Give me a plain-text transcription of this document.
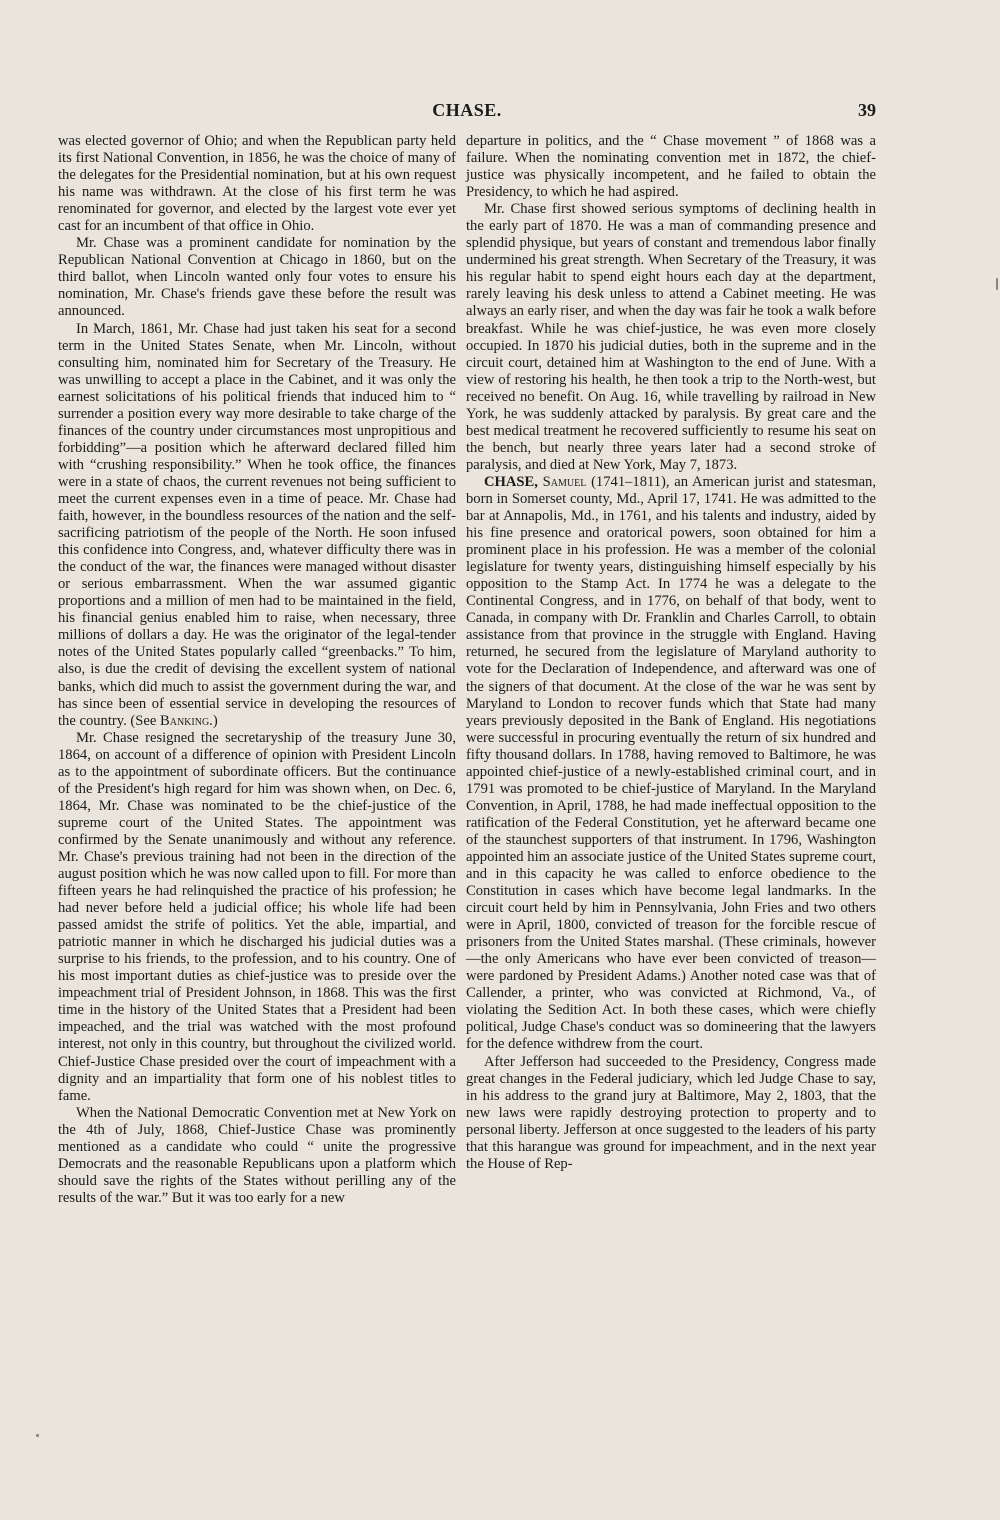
CHASE.	39

was elected governor of Ohio; and when the Republican party held its first National Convention, in 1856, he was the choice of many of the delegates for the Presidential nomination, but at his own request his name was withdrawn. At the close of his first term he was renominated for governor, and elected by the largest vote ever yet cast for an incumbent of that office in Ohio.

Mr. Chase was a prominent candidate for nomination by the Republican National Convention at Chicago in 1860, but on the third ballot, when Lincoln wanted only four votes to ensure his nomination, Mr. Chase's friends gave these before the result was announced.

In March, 1861, Mr. Chase had just taken his seat for a second term in the United States Senate, when Mr. Lincoln, without consulting him, nominated him for Secretary of the Treasury. He was unwilling to accept a place in the Cabinet, and it was only the earnest solicitations of his political friends that induced him to “ surrender a position every way more desirable to take charge of the finances of the country under circumstances most unpropitious and forbidding”—a position which he afterward declared filled him with “crushing responsibility.” When he took office, the finances were in a state of chaos, the current revenues not being sufficient to meet the current expenses even in a time of peace. Mr. Chase had faith, however, in the boundless resources of the nation and the self-sacrificing patriotism of the people of the North. He soon infused this confidence into Congress, and, whatever difficulty there was in the conduct of the war, the finances were managed without disaster or serious embarrassment. When the war assumed gigantic proportions and a million of men had to be maintained in the field, his financial genius enabled him to raise, when necessary, three millions of dollars a day. He was the originator of the legal-tender notes of the United States popularly called “greenbacks.” To him, also, is due the credit of devising the excellent system of national banks, which did much to assist the government during the war, and has since been of essential service in developing the resources of the country. (See Banking.)

Mr. Chase resigned the secretaryship of the treasury June 30, 1864, on account of a difference of opinion with President Lincoln as to the appointment of subordinate officers. But the continuance of the President's high regard for him was shown when, on Dec. 6, 1864, Mr. Chase was nominated to be the chief-justice of the supreme court of the United States. The appointment was confirmed by the Senate unanimously and without any reference. Mr. Chase's previous training had not been in the direction of the august position which he was now called upon to fill. For more than fifteen years he had relinquished the practice of his profession; he had never before held a judicial office; his whole life had been passed amidst the strife of politics. Yet the able, impartial, and patriotic manner in which he discharged his judicial duties was a surprise to his friends, to the profession, and to his country. One of his most important duties as chief-justice was to preside over the impeachment trial of President Johnson, in 1868. This was the first time in the history of the United States that a President had been impeached, and the trial was watched with the most profound interest, not only in this country, but throughout the civilized world. Chief-Justice Chase presided over the court of impeachment with a dignity and an impartiality that form one of his noblest titles to fame.

When the National Democratic Convention met at New York on the 4th of July, 1868, Chief-Justice Chase was prominently mentioned as a candidate who could “ unite the progressive Democrats and the reasonable Republicans upon a platform which should save the rights of the States without perilling any of the results of the war.” But it was too early for a new

departure in politics, and the “ Chase movement ” of 1868 was a failure. When the nominating convention met in 1872, the chief-justice was physically incompetent, and he failed to obtain the Presidency, to which he had aspired.

Mr. Chase first showed serious symptoms of declining health in the early part of 1870. He was a man of commanding presence and splendid physique, but years of constant and tremendous labor finally undermined his great strength. When Secretary of the Treasury, it was his regular habit to spend eight hours each day at the department, rarely leaving his desk unless to attend a Cabinet meeting. He was always an early riser, and when the day was fair he took a walk before breakfast. While he was chief-justice, he was even more closely occupied. In 1870 his judicial duties, both in the supreme and in the circuit court, detained him at Washington to the end of June. With a view of restoring his health, he then took a trip to the North-west, but received no benefit. On Aug. 16, while travelling by railroad in New York, he was suddenly attacked by paralysis. By great care and the best medical treatment he recovered sufficiently to resume his seat on the bench, but nearly three years later had a second stroke of paralysis, and died at New York, May 7, 1873.

CHASE, Samuel (1741–1811), an American jurist and statesman, born in Somerset county, Md., April 17, 1741. He was admitted to the bar at Annapolis, Md., in 1761, and his talents and industry, aided by his fine presence and oratorical powers, soon obtained for him a prominent place in his profession. He was a member of the colonial legislature for twenty years, distinguishing himself especially by his opposition to the Stamp Act. In 1774 he was a delegate to the Continental Congress, and in 1776, on behalf of that body, went to Canada, in company with Dr. Franklin and Charles Carroll, to obtain assistance from that province in the struggle with England. Having returned, he secured from the legislature of Maryland authority to vote for the Declaration of Independence, and afterward was one of the signers of that document. At the close of the war he was sent by Maryland to London to recover funds which that State had many years previously deposited in the Bank of England. His negotiations were successful in procuring eventually the return of six hundred and fifty thousand dollars. In 1788, having removed to Baltimore, he was appointed chief-justice of a newly-established criminal court, and in 1791 was promoted to be chief-justice of Maryland. In the Maryland Convention, in April, 1788, he had made ineffectual opposition to the ratification of the Federal Constitution, yet he afterward became one of the staunchest supporters of that instrument. In 1796, Washington appointed him an associate justice of the United States supreme court, and in this capacity he was called to enforce obedience to the Constitution in cases which have become legal landmarks. In the circuit court held by him in Pennsylvania, John Fries and two others were in April, 1800, convicted of treason for the forcible rescue of prisoners from the United States marshal. (These criminals, however—the only Americans who have ever been convicted of treason—were pardoned by President Adams.) Another noted case was that of Callender, a printer, who was convicted at Richmond, Va., of violating the Sedition Act. In both these cases, which were chiefly political, Judge Chase's conduct was so domineering that the lawyers for the defence withdrew from the court.

After Jefferson had succeeded to the Presidency, Congress made great changes in the Federal judiciary, which led Judge Chase to say, in his address to the grand jury at Baltimore, May 2, 1803, that the new laws were rapidly destroying protection to property and to personal liberty. Jefferson at once suggested to the leaders of his party that this harangue was ground for impeachment, and in the next year the House of Rep-
